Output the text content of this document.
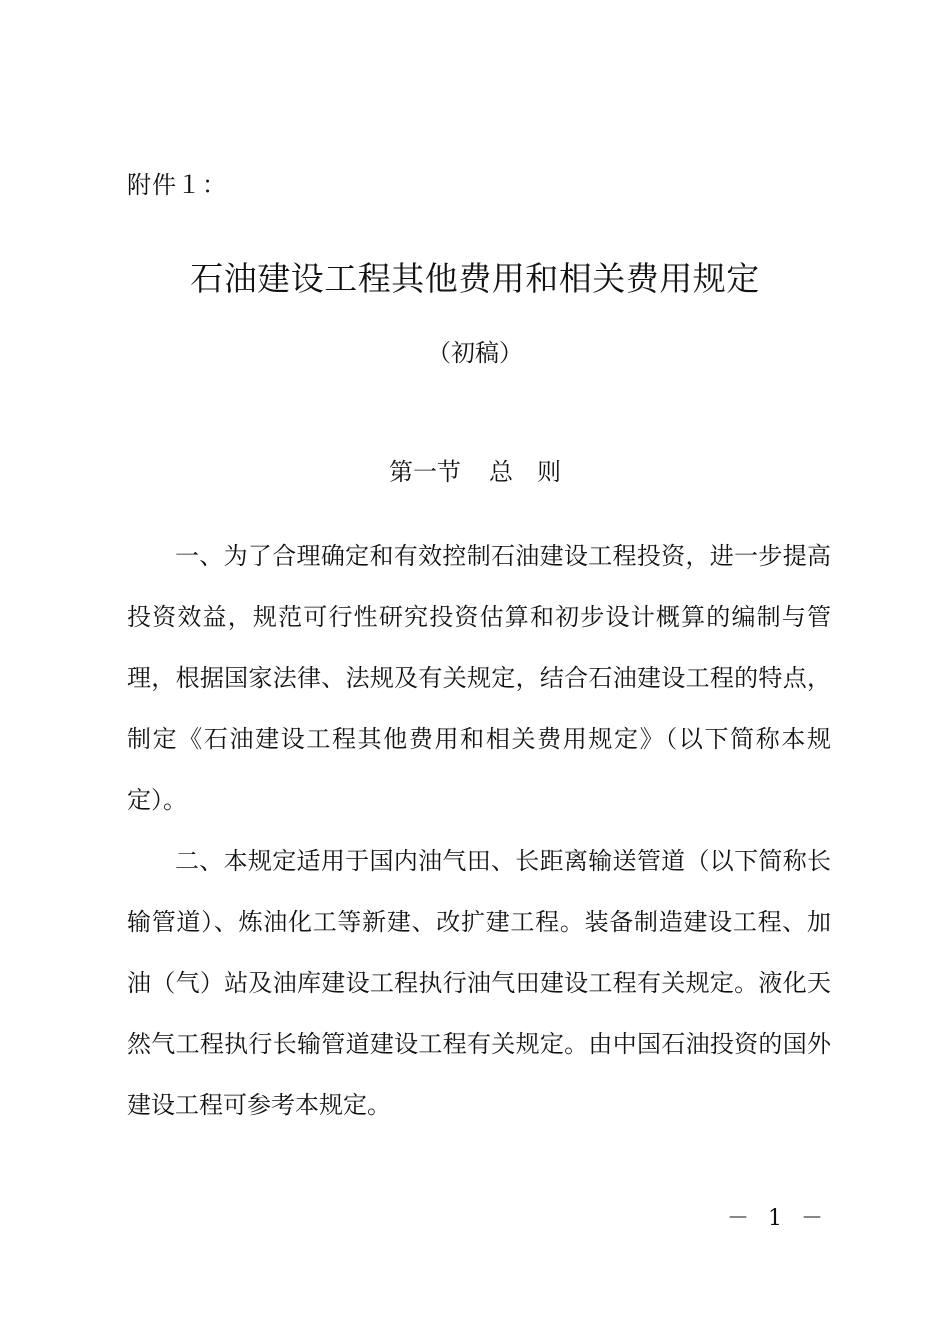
附件１：
石油建设工程其他费用和相关费用规定
（初稿）
第一节 总　则

一、为了合理确定和有效控制石油建设工程投资，进一步提高投资效益，规范可行性研究投资估算和初步设计概算的编制与管理，根据国家法律、法规及有关规定，结合石油建设工程的特点，制定《石油建设工程其他费用和相关费用规定》（以下简称本规定）。

二、本规定适用于国内油气田、长距离输送管道（以下简称长输管道）、炼油化工等新建、改扩建工程。装备制造建设工程、加油（气）站及油库建设工程执行油气田建设工程有关规定。液化天然气工程执行长输管道建设工程有关规定。由中国石油投资的国外建设工程可参考本规定。

－ 1 －
